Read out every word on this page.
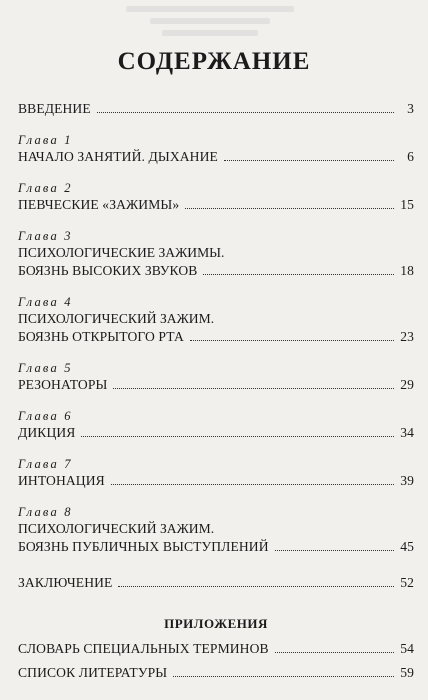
СОДЕРЖАНИЕ
ВВЕДЕНИЕ	3
Глава 1
НАЧАЛО ЗАНЯТИЙ. ДЫХАНИЕ	6
Глава 2
ПЕВЧЕСКИЕ «ЗАЖИМЫ»	15
Глава 3
ПСИХОЛОГИЧЕСКИЕ ЗАЖИМЫ.
БОЯЗНЬ ВЫСОКИХ ЗВУКОВ	18
Глава 4
ПСИХОЛОГИЧЕСКИЙ ЗАЖИМ.
БОЯЗНЬ ОТКРЫТОГО РТА	23
Глава 5
РЕЗОНАТОРЫ	29
Глава 6
ДИКЦИЯ	34
Глава 7
ИНТОНАЦИЯ	39
Глава 8
ПСИХОЛОГИЧЕСКИЙ ЗАЖИМ.
БОЯЗНЬ ПУБЛИЧНЫХ ВЫСТУПЛЕНИЙ	45
ЗАКЛЮЧЕНИЕ	52
ПРИЛОЖЕНИЯ
СЛОВАРЬ СПЕЦИАЛЬНЫХ ТЕРМИНОВ	54
СПИСОК ЛИТЕРАТУРЫ	59
